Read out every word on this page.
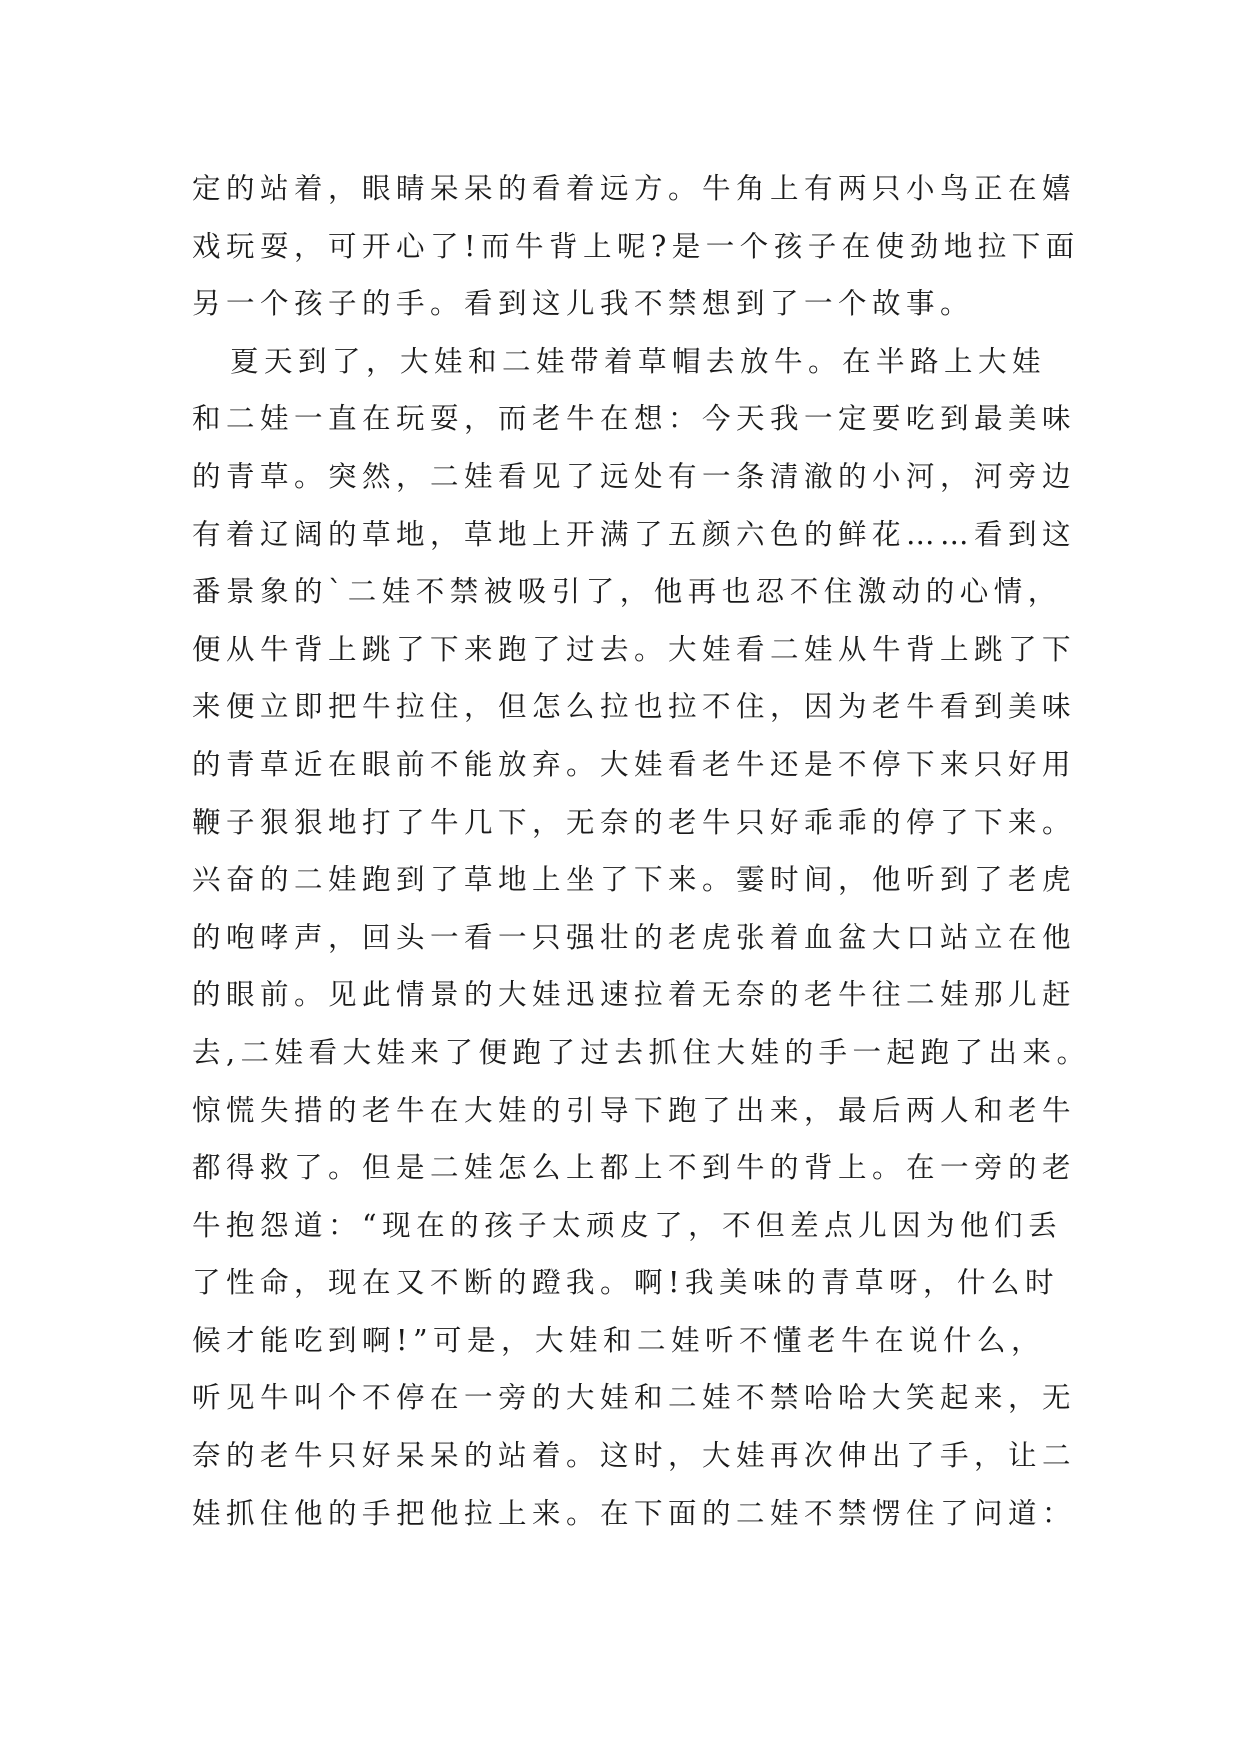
定的站着，眼睛呆呆的看着远方。牛角上有两只小鸟正在嬉
戏玩耍，可开心了!而牛背上呢?是一个孩子在使劲地拉下面
另一个孩子的手。看到这儿我不禁想到了一个故事。
夏天到了，大娃和二娃带着草帽去放牛。在半路上大娃
和二娃一直在玩耍，而老牛在想：今天我一定要吃到最美味
的青草。突然，二娃看见了远处有一条清澈的小河，河旁边
有着辽阔的草地，草地上开满了五颜六色的鲜花……看到这
番景象的`二娃不禁被吸引了，他再也忍不住激动的心情，
便从牛背上跳了下来跑了过去。大娃看二娃从牛背上跳了下
来便立即把牛拉住，但怎么拉也拉不住，因为老牛看到美味
的青草近在眼前不能放弃。大娃看老牛还是不停下来只好用
鞭子狠狠地打了牛几下，无奈的老牛只好乖乖的停了下来。
兴奋的二娃跑到了草地上坐了下来。霎时间，他听到了老虎
的咆哮声，回头一看一只强壮的老虎张着血盆大口站立在他
的眼前。见此情景的大娃迅速拉着无奈的老牛往二娃那儿赶
去,二娃看大娃来了便跑了过去抓住大娃的手一起跑了出来。
惊慌失措的老牛在大娃的引导下跑了出来，最后两人和老牛
都得救了。但是二娃怎么上都上不到牛的背上。在一旁的老
牛抱怨道：“现在的孩子太顽皮了，不但差点儿因为他们丢
了性命，现在又不断的蹬我。啊!我美味的青草呀，什么时
候才能吃到啊!”可是，大娃和二娃听不懂老牛在说什么，
听见牛叫个不停在一旁的大娃和二娃不禁哈哈大笑起来，无
奈的老牛只好呆呆的站着。这时，大娃再次伸出了手，让二
娃抓住他的手把他拉上来。在下面的二娃不禁愣住了问道：
